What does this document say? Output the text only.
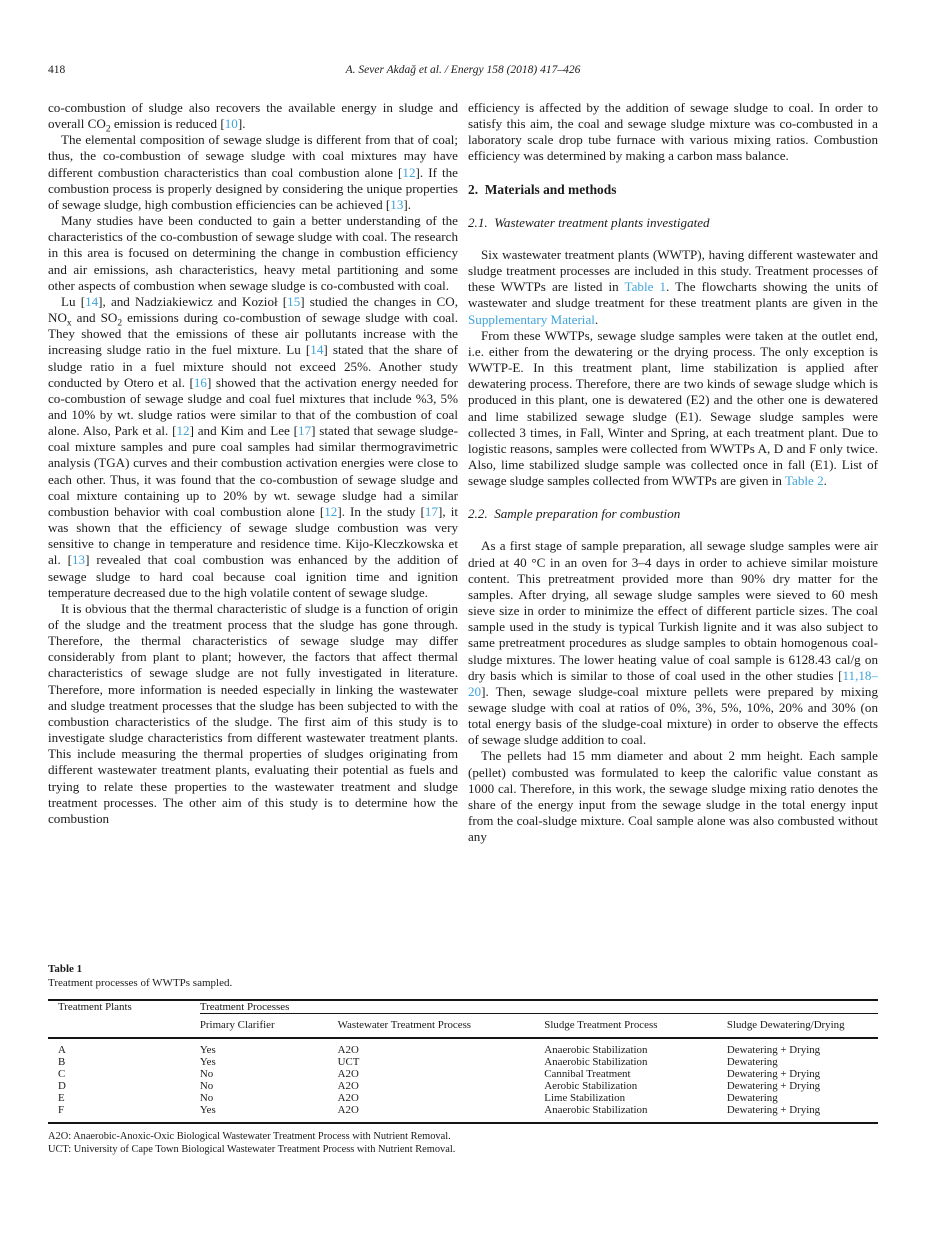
418	A. Sever Akdağ et al. / Energy 158 (2018) 417–426

co-combustion of sludge also recovers the available energy in sludge and overall $CO_2$ emission is reduced [10].

The elemental composition of sewage sludge is different from that of coal; thus, the co-combustion of sewage sludge with coal mixtures may have different combustion characteristics than coal combustion alone [12]. If the combustion process is properly designed by considering the unique properties of sewage sludge, high combustion efficiencies can be achieved [13].

Many studies have been conducted to gain a better understanding of the characteristics of the co-combustion of sewage sludge with coal. The research in this area is focused on determining the change in combustion efficiency and air emissions, ash characteristics, heavy metal partitioning and some other aspects of combustion when sewage sludge is co-combusted with coal.

Lu [14], and Nadziakiewicz and Kozioł [15] studied the changes in CO, $NO_x$ and $SO_2$ emissions during co-combustion of sewage sludge with coal. They showed that the emissions of these air pollutants increase with the increasing sludge ratio in the fuel mixture. Lu [14] stated that the share of sludge ratio in a fuel mixture should not exceed 25%. Another study conducted by Otero et al. [16] showed that the activation energy needed for co-combustion of sewage sludge and coal fuel mixtures that include %3, 5% and 10% by wt. sludge ratios were similar to that of the combustion of coal alone. Also, Park et al. [12] and Kim and Lee [17] stated that sewage sludge-coal mixture samples and pure coal samples had similar thermogravimetric analysis (TGA) curves and their combustion activation energies were close to each other. Thus, it was found that the co-combustion of sewage sludge and coal mixture containing up to 20% by wt. sewage sludge had a similar combustion behavior with coal combustion alone [12]. In the study [17], it was shown that the efficiency of sewage sludge combustion was very sensitive to change in temperature and residence time. Kijo-Kleczkowska et al. [13] revealed that coal combustion was enhanced by the addition of sewage sludge to hard coal because coal ignition time and ignition temperature decreased due to the high volatile content of sewage sludge.

It is obvious that the thermal characteristic of sludge is a function of origin of the sludge and the treatment process that the sludge has gone through. Therefore, the thermal characteristics of sewage sludge may differ considerably from plant to plant; however, the factors that affect thermal characteristics of sewage sludge are not fully investigated in literature. Therefore, more information is needed especially in linking the wastewater and sludge treatment processes that the sludge has been subjected to with the combustion characteristics of the sludge. The first aim of this study is to investigate sludge characteristics from different wastewater treatment plants. This include measuring the thermal properties of sludges originating from different wastewater treatment plants, evaluating their potential as fuels and trying to relate these properties to the wastewater treatment and sludge treatment processes. The other aim of this study is to determine how the combustion

efficiency is affected by the addition of sewage sludge to coal. In order to satisfy this aim, the coal and sewage sludge mixture was co-combusted in a laboratory scale drop tube furnace with various mixing ratios. Combustion efficiency was determined by making a carbon mass balance.

2. Materials and methods
2.1. Wastewater treatment plants investigated

Six wastewater treatment plants (WWTP), having different wastewater and sludge treatment processes are included in this study. Treatment processes of these WWTPs are listed in Table 1. The flowcharts showing the units of wastewater and sludge treatment for these treatment plants are given in the Supplementary Material.

From these WWTPs, sewage sludge samples were taken at the outlet end, i.e. either from the dewatering or the drying process. The only exception is WWTP-E. In this treatment plant, lime stabilization is applied after dewatering process. Therefore, there are two kinds of sewage sludge which is produced in this plant, one is dewatered (E2) and the other one is dewatered and lime stabilized sewage sludge (E1). Sewage sludge samples were collected 3 times, in Fall, Winter and Spring, at each treatment plant. Due to logistic reasons, samples were collected from WWTPs A, D and F only twice. Also, lime stabilized sludge sample was collected once in fall (E1). List of sewage sludge samples collected from WWTPs are given in Table 2.

2.2. Sample preparation for combustion

As a first stage of sample preparation, all sewage sludge samples were air dried at 40 °C in an oven for 3–4 days in order to achieve similar moisture content. This pretreatment provided more than 90% dry matter for the samples. After drying, all sewage sludge samples were sieved to 60 mesh sieve size in order to minimize the effect of different particle sizes. The coal sample used in the study is typical Turkish lignite and it was also subject to same pretreatment procedures as sludge samples to obtain homogenous coal-sludge mixtures. The lower heating value of coal sample is 6128.43 cal/g on dry basis which is similar to those of coal used in the other studies [11,18–20]. Then, sewage sludge-coal mixture pellets were prepared by mixing sewage sludge with coal at ratios of 0%, 3%, 5%, 10%, 20% and 30% (on total energy basis of the sludge-coal mixture) in order to observe the effects of sewage sludge addition to coal.

The pellets had 15 mm diameter and about 2 mm height. Each sample (pellet) combusted was formulated to keep the calorific value constant as 1000 cal. Therefore, in this work, the sewage sludge mixing ratio denotes the share of the energy input from the sewage sludge in the total energy input from the coal-sludge mixture. Coal sample alone was also combusted without any

Table 1
Treatment processes of WWTPs sampled.
Treatment Plants	Treatment Processes			
	Primary Clarifier	Wastewater Treatment Process	Sludge Treatment Process	Sludge Dewatering/Drying
A	Yes	A2O	Anaerobic Stabilization	Dewatering + Drying
B	Yes	UCT	Anaerobic Stabilization	Dewatering
C	No	A2O	Cannibal Treatment	Dewatering + Drying
D	No	A2O	Aerobic Stabilization	Dewatering + Drying
E	No	A2O	Lime Stabilization	Dewatering
F	Yes	A2O	Anaerobic Stabilization	Dewatering + Drying
A2O: Anaerobic-Anoxic-Oxic Biological Wastewater Treatment Process with Nutrient Removal.
UCT: University of Cape Town Biological Wastewater Treatment Process with Nutrient Removal.
